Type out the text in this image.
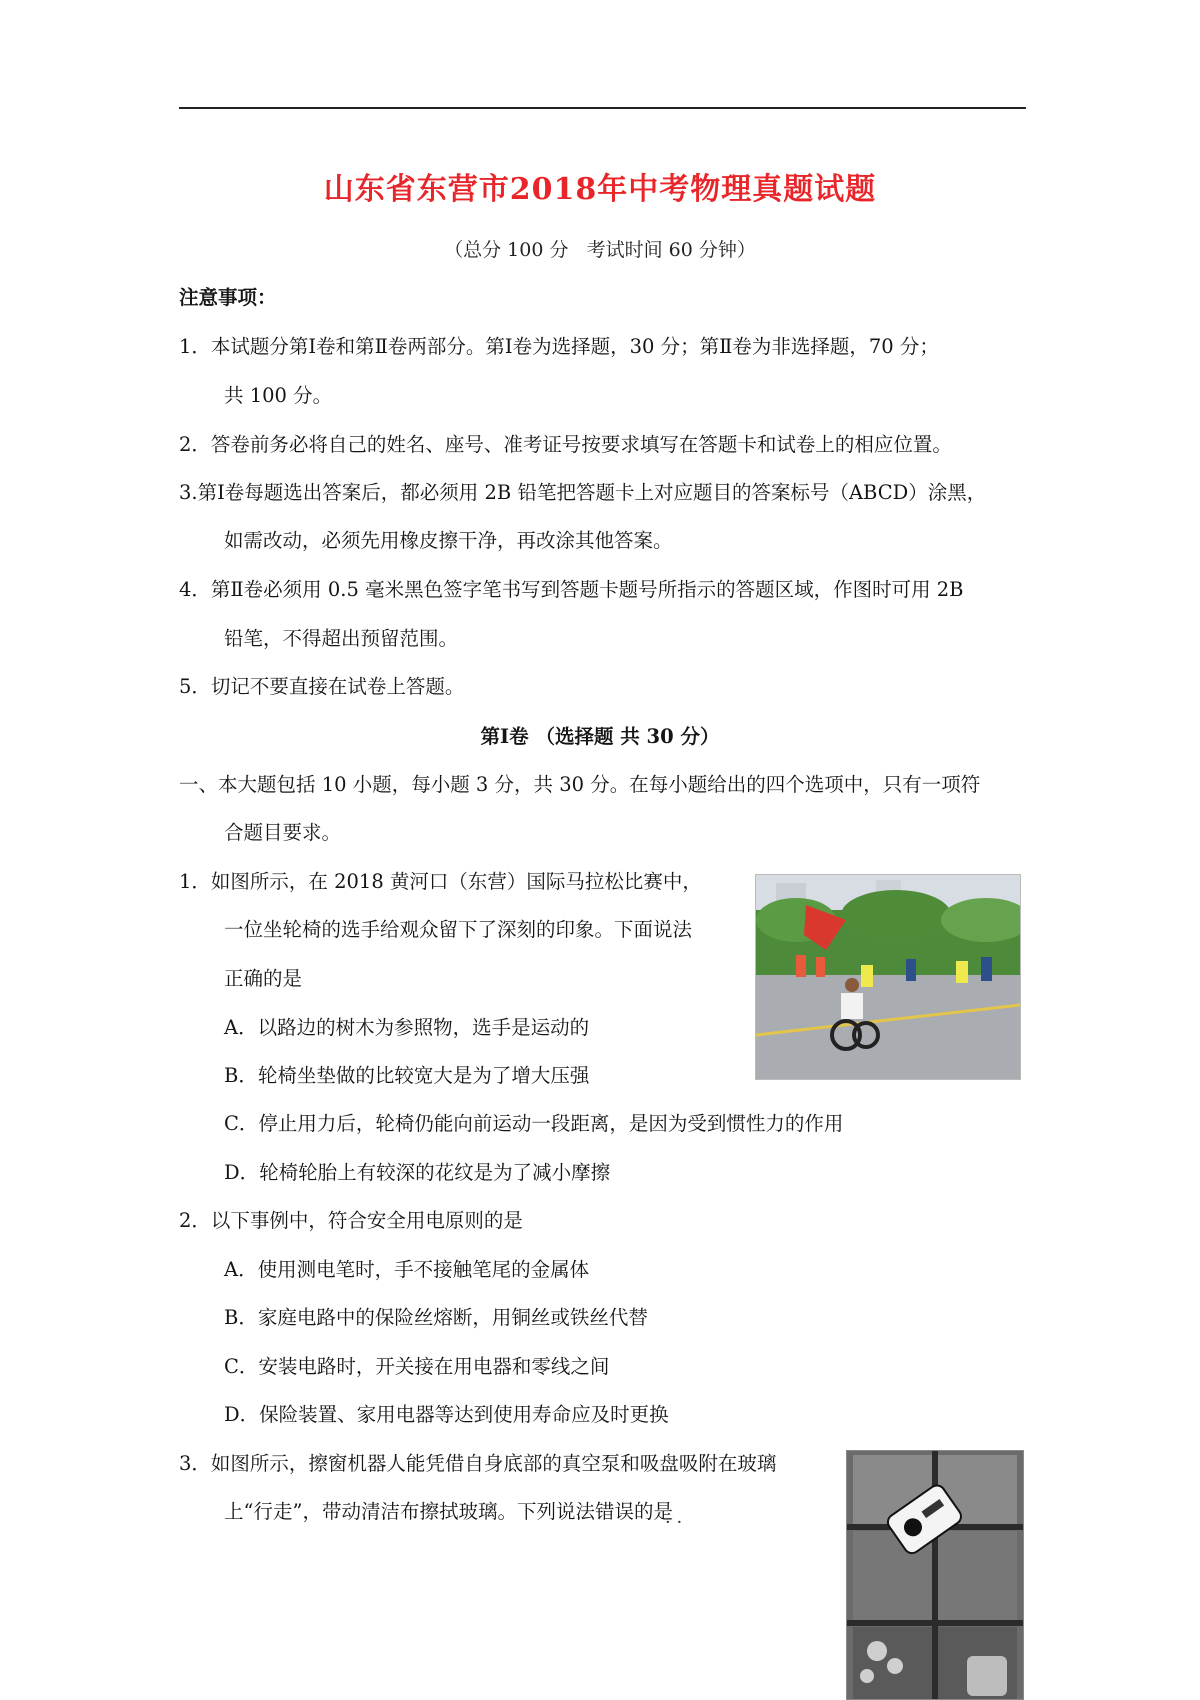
山东省东营市2018年中考物理真题试题
（总分 100 分   考试时间 60 分钟）
注意事项：
1．本试题分第Ⅰ卷和第Ⅱ卷两部分。第Ⅰ卷为选择题，30 分；第Ⅱ卷为非选择题，70 分；
共 100 分。
2．答卷前务必将自己的姓名、座号、准考证号按要求填写在答题卡和试卷上的相应位置。
3.第Ⅰ卷每题选出答案后，都必须用 2B 铅笔把答题卡上对应题目的答案标号（ABCD）涂黑，
如需改动，必须先用橡皮擦干净，再改涂其他答案。
4．第Ⅱ卷必须用 0.5 毫米黑色签字笔书写到答题卡题号所指示的答题区域，作图时可用 2B
铅笔，不得超出预留范围。
5．切记不要直接在试卷上答题。
第Ⅰ卷 （选择题 共 30 分）
一、本大题包括 10 小题，每小题 3 分，共 30 分。在每小题给出的四个选项中，只有一项符
合题目要求。
1．如图所示，在 2018 黄河口（东营）国际马拉松比赛中，
一位坐轮椅的选手给观众留下了深刻的印象。下面说法
正确的是
A．以路边的树木为参照物，选手是运动的
B．轮椅坐垫做的比较宽大是为了增大压强
C．停止用力后，轮椅仍能向前运动一段距离，是因为受到惯性力的作用
D．轮椅轮胎上有较深的花纹是为了减小摩擦
2．以下事例中，符合安全用电原则的是
A．使用测电笔时，手不接触笔尾的金属体
B．家庭电路中的保险丝熔断，用铜丝或铁丝代替
C．安装电路时，开关接在用电器和零线之间
D．保险装置、家用电器等达到使用寿命应及时更换
3．如图所示，擦窗机器人能凭借自身底部的真空泵和吸盘吸附在玻璃
上“行走”，带动清洁布擦拭玻璃。下列说法错误的是
· ·
